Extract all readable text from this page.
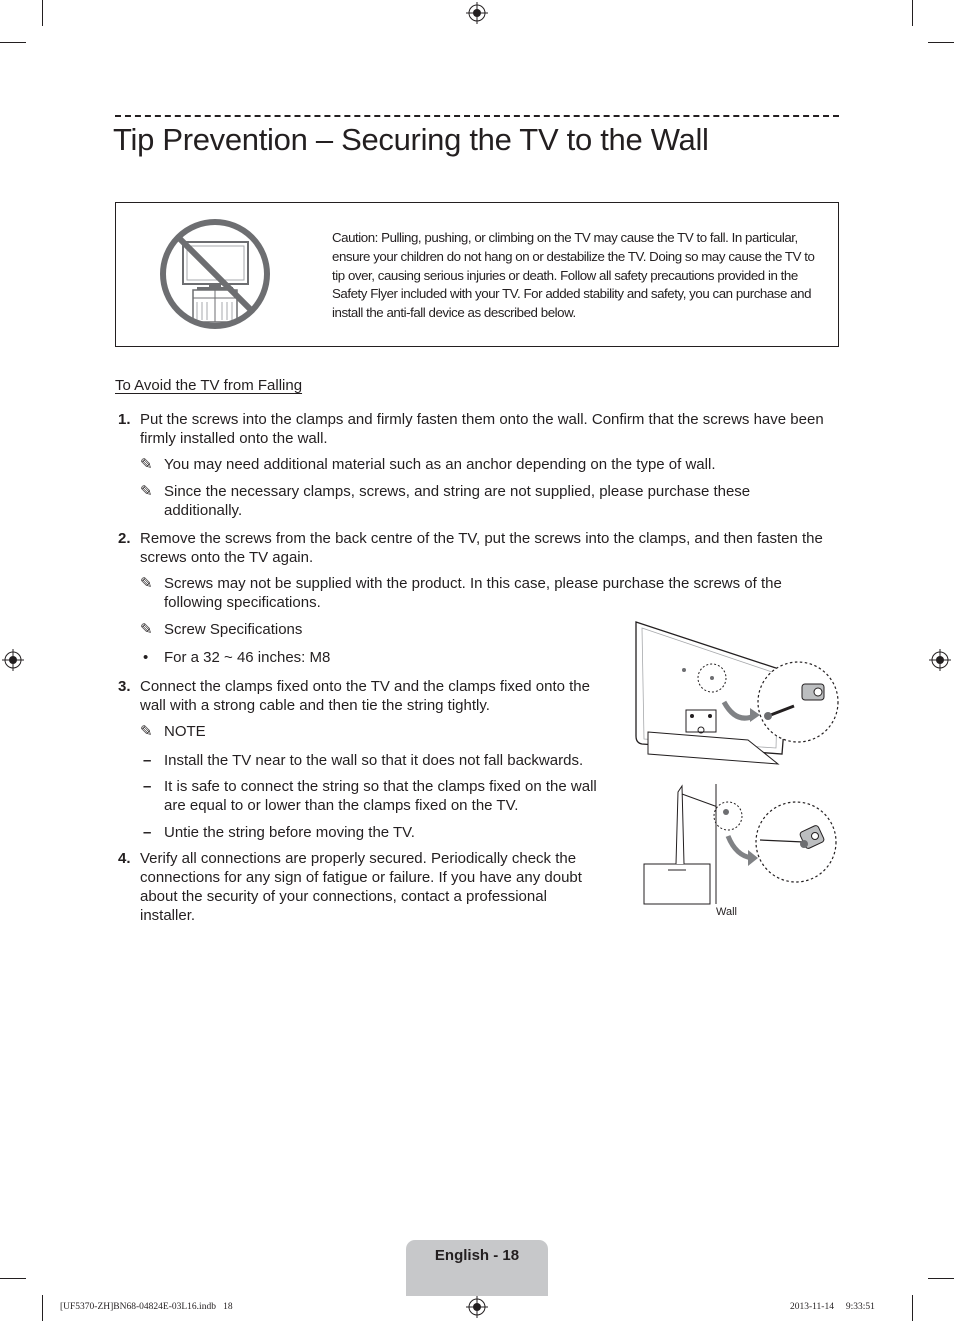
Tip Prevention – Securing the TV to the Wall
Caution: Pulling, pushing, or climbing on the TV may cause the TV to fall. In particular, ensure your children do not hang on or destabilize the TV. Doing so may cause the TV to tip over, causing serious injuries or death. Follow all safety precautions provided in the Safety Flyer included with your TV. For added stability and safety, you can purchase and install the anti-fall device as described below.
To Avoid the TV from Falling
1. Put the screws into the clamps and firmly fasten them onto the wall. Confirm that the screws have been firmly installed onto the wall.
✎ You may need additional material such as an anchor depending on the type of wall.
✎ Since the necessary clamps, screws, and string are not supplied, please purchase these additionally.
2. Remove the screws from the back centre of the TV, put the screws into the clamps, and then fasten the screws onto the TV again.
✎ Screws may not be supplied with the product. In this case, please purchase the screws of the following specifications.
✎ Screw Specifications
• For a 32 ~ 46 inches: M8
3. Connect the clamps fixed onto the TV and the clamps fixed onto the wall with a strong cable and then tie the string tightly.
✎ NOTE
– Install the TV near to the wall so that it does not fall backwards.
– It is safe to connect the string so that the clamps fixed on the wall are equal to or lower than the clamps fixed on the TV.
– Untie the string before moving the TV.
4. Verify all connections are properly secured. Periodically check the connections for any sign of fatigue or failure. If you have any doubt about the security of your connections, contact a professional installer.	Wall
English - 18
[UF5370-ZH]BN68-04824E-03L16.indb   18	2013-11-14     9:33:51
